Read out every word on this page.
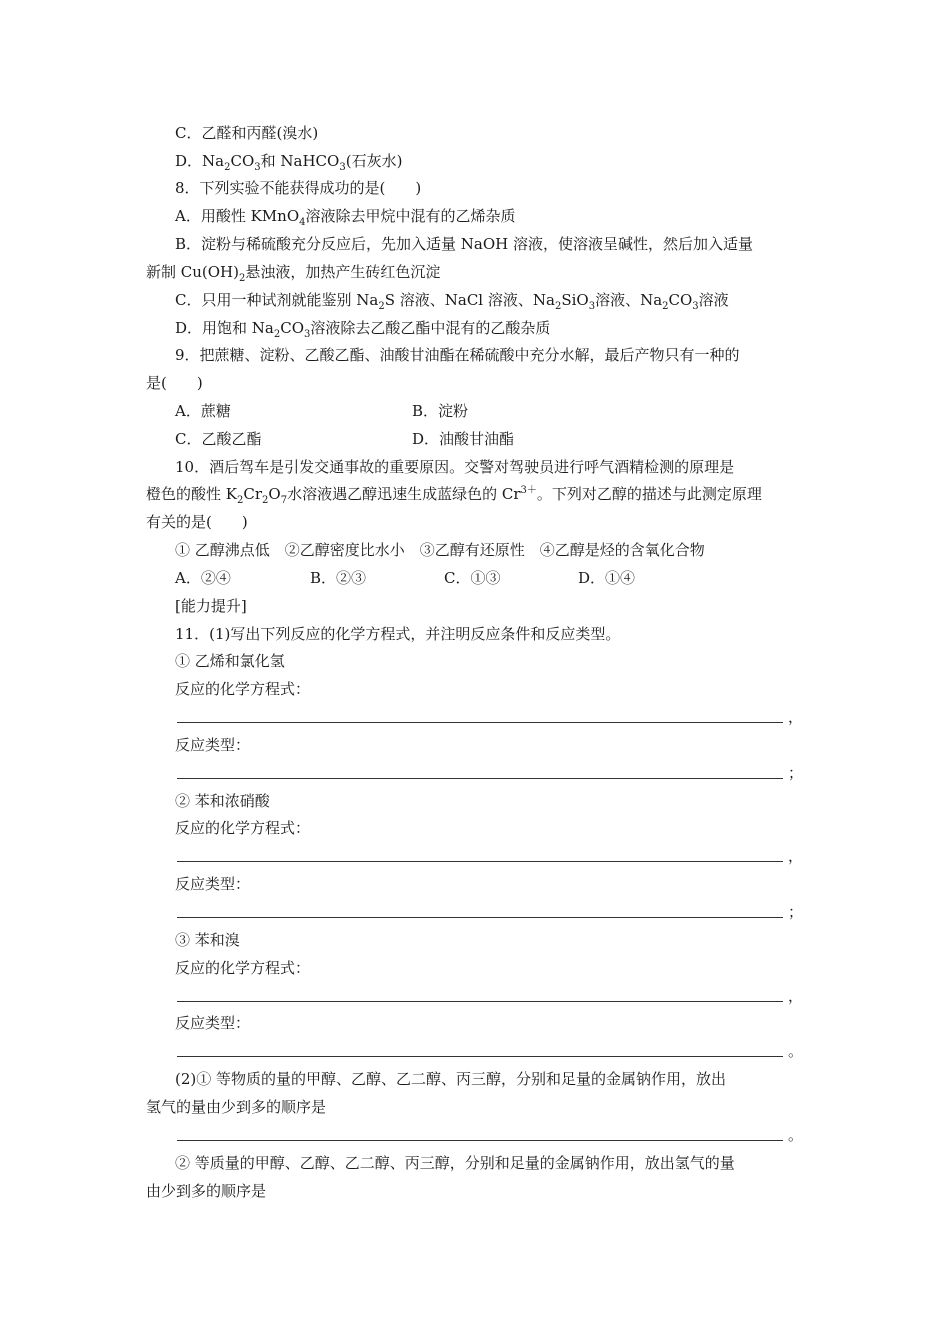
C．乙醛和丙醛(溴水)
D．$Na_2CO_3$和 NaHCO$_3$(石灰水)
8．下列实验不能获得成功的是(　　)
A．用酸性 KMnO$_4$溶液除去甲烷中混有的乙烯杂质
B．淀粉与稀硫酸充分反应后，先加入适量 NaOH 溶液，使溶液呈碱性，然后加入适量
新制 $Cu(OH)_2$悬浊液，加热产生砖红色沉淀
C．只用一种试剂就能鉴别 $Na_2S$ 溶液、NaCl 溶液、$Na_2SiO_3$溶液、$Na_2CO_3$溶液
D．用饱和 $Na_2CO_3$溶液除去乙酸乙酯中混有的乙酸杂质
9．把蔗糖、淀粉、乙酸乙酯、油酸甘油酯在稀硫酸中充分水解，最后产物只有一种的
是(　　)
A．蔗糖	B．淀粉
C．乙酸乙酯	D．油酸甘油酯
10．酒后驾车是引发交通事故的重要原因。交警对驾驶员进行呼气酒精检测的原理是
橙色的酸性 $K_2Cr_2O_7$水溶液遇乙醇迅速生成蓝绿色的 $Cr^{3+}$。下列对乙醇的描述与此测定原理
有关的是(　　)
① 乙醇沸点低　②乙醇密度比水小　③乙醇有还原性　④乙醇是烃的含氧化合物
A．②④	B．②③	C．①③	D．①④
[能力提升]
11．(1)写出下列反应的化学方程式，并注明反应条件和反应类型。
① 乙烯和氯化氢
反应的化学方程式：
，
反应类型：
；
② 苯和浓硝酸
反应的化学方程式：
，
反应类型：
；
③ 苯和溴
反应的化学方程式：
，
反应类型：
。
(2)① 等物质的量的甲醇、乙醇、乙二醇、丙三醇，分别和足量的金属钠作用，放出
氢气的量由少到多的顺序是
。
② 等质量的甲醇、乙醇、乙二醇、丙三醇，分别和足量的金属钠作用，放出氢气的量
由少到多的顺序是
